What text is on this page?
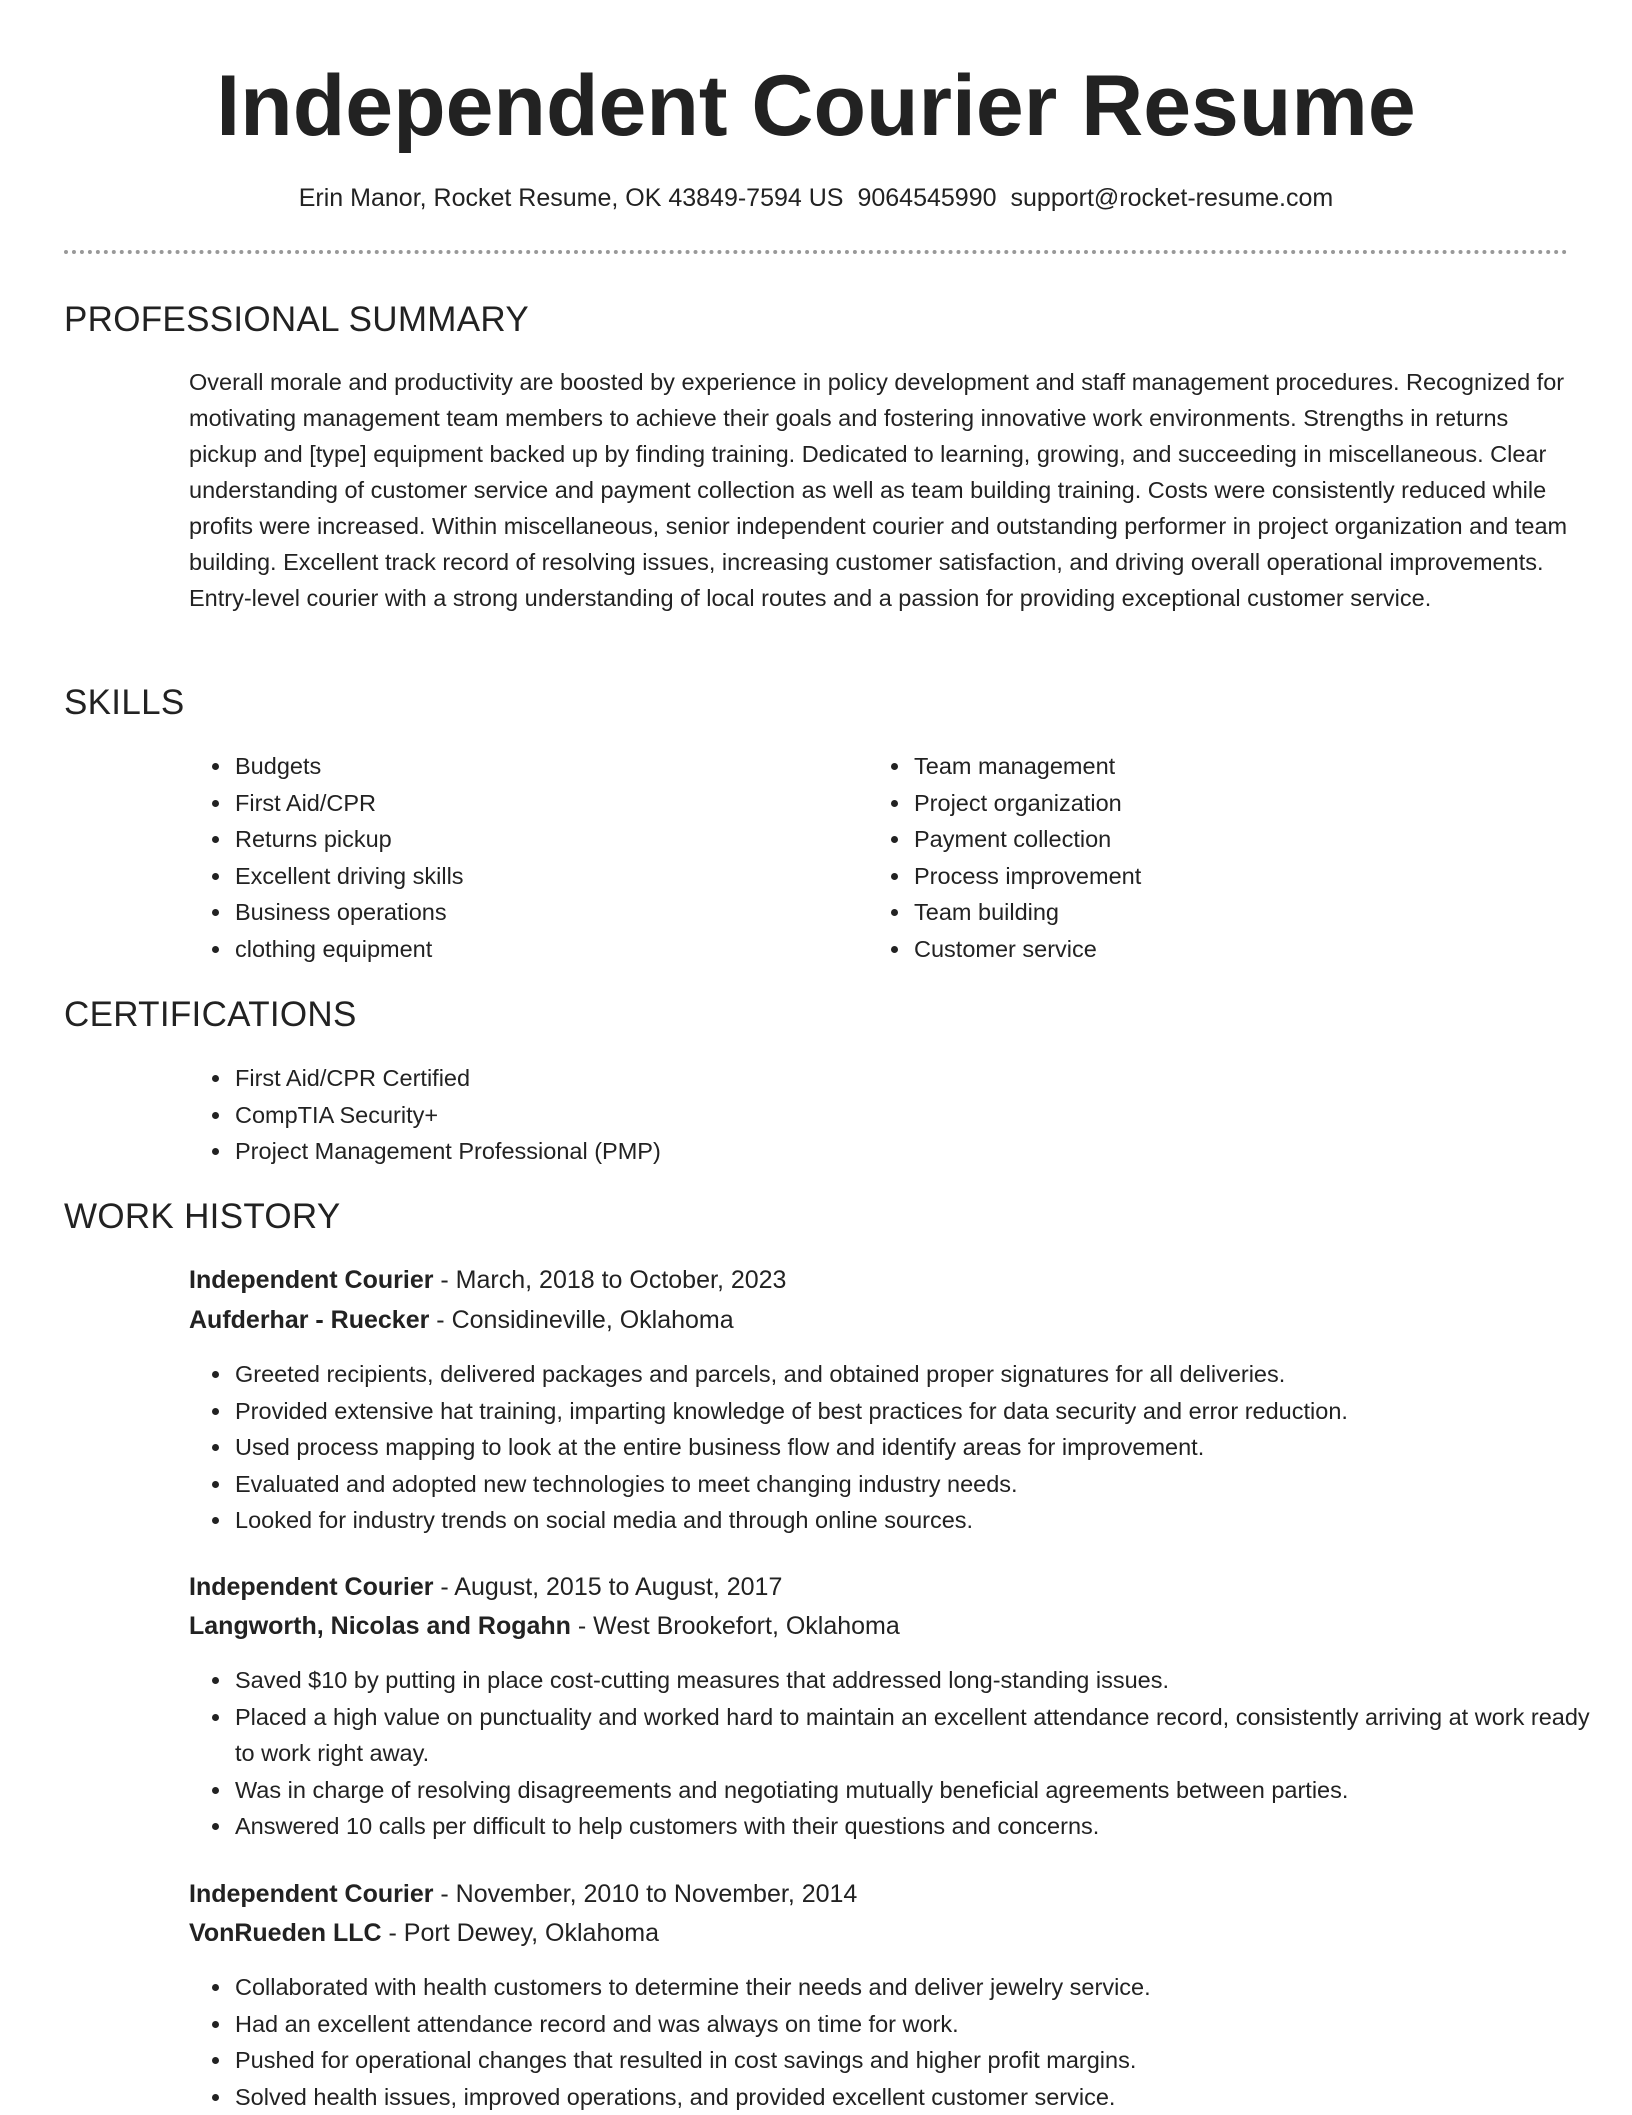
Independent Courier Resume
Erin Manor, Rocket Resume, OK 43849-7594 US 9064545990 support@rocket-resume.com
PROFESSIONAL SUMMARY

Overall morale and productivity are boosted by experience in policy development and staff management procedures. Recognized for motivating management team members to achieve their goals and fostering innovative work environments. Strengths in returns pickup and [type] equipment backed up by finding training. Dedicated to learning, growing, and succeeding in miscellaneous. Clear understanding of customer service and payment collection as well as team building training. Costs were consistently reduced while profits were increased. Within miscellaneous, senior independent courier and outstanding performer in project organization and team building. Excellent track record of resolving issues, increasing customer satisfaction, and driving overall operational improvements. Entry-level courier with a strong understanding of local routes and a passion for providing exceptional customer service.

SKILLS
• Budgets
• First Aid/CPR
• Returns pickup
• Excellent driving skills
• Business operations
• clothing equipment
• Team management
• Project organization
• Payment collection
• Process improvement
• Team building
• Customer service
CERTIFICATIONS
• First Aid/CPR Certified
• CompTIA Security+
• Project Management Professional (PMP)
WORK HISTORY
Independent Courier - March, 2018 to October, 2023
Aufderhar - Ruecker - Considineville, Oklahoma
• Greeted recipients, delivered packages and parcels, and obtained proper signatures for all deliveries.
• Provided extensive hat training, imparting knowledge of best practices for data security and error reduction.
• Used process mapping to look at the entire business flow and identify areas for improvement.
• Evaluated and adopted new technologies to meet changing industry needs.
• Looked for industry trends on social media and through online sources.
Independent Courier - August, 2015 to August, 2017
Langworth, Nicolas and Rogahn - West Brookefort, Oklahoma
• Saved $10 by putting in place cost-cutting measures that addressed long-standing issues.
• Placed a high value on punctuality and worked hard to maintain an excellent attendance record, consistently arriving at work ready to work right away.
• Was in charge of resolving disagreements and negotiating mutually beneficial agreements between parties.
• Answered 10 calls per difficult to help customers with their questions and concerns.
Independent Courier - November, 2010 to November, 2014
VonRueden LLC - Port Dewey, Oklahoma
• Collaborated with health customers to determine their needs and deliver jewelry service.
• Had an excellent attendance record and was always on time for work.
• Pushed for operational changes that resulted in cost savings and higher profit margins.
• Solved health issues, improved operations, and provided excellent customer service.
